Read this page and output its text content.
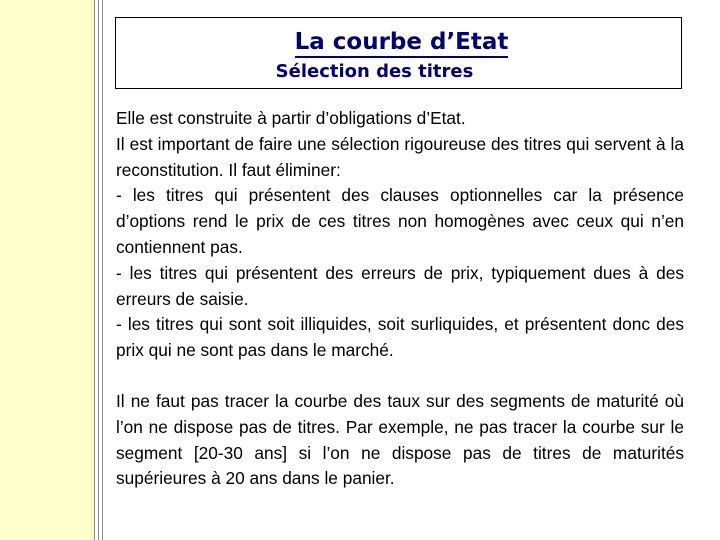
La courbe d’Etat
Sélection des titres

Elle est construite à partir d’obligations d’Etat.

Il est important de faire une sélection rigoureuse des titres qui servent à la reconstitution. Il faut éliminer:

- les titres qui présentent des clauses optionnelles car la présence d’options rend le prix de ces titres non homogènes avec ceux qui n’en contiennent pas.

- les titres qui présentent des erreurs de prix, typiquement dues à des erreurs de saisie.

- les titres qui sont soit illiquides, soit surliquides, et présentent donc des prix qui ne sont pas dans le marché.

Il ne faut pas tracer la courbe des taux sur des segments de maturité où l’on ne dispose pas de titres. Par exemple, ne pas tracer la courbe sur le segment [20-30 ans] si l’on ne dispose pas de titres de maturités supérieures à 20 ans dans le panier.
